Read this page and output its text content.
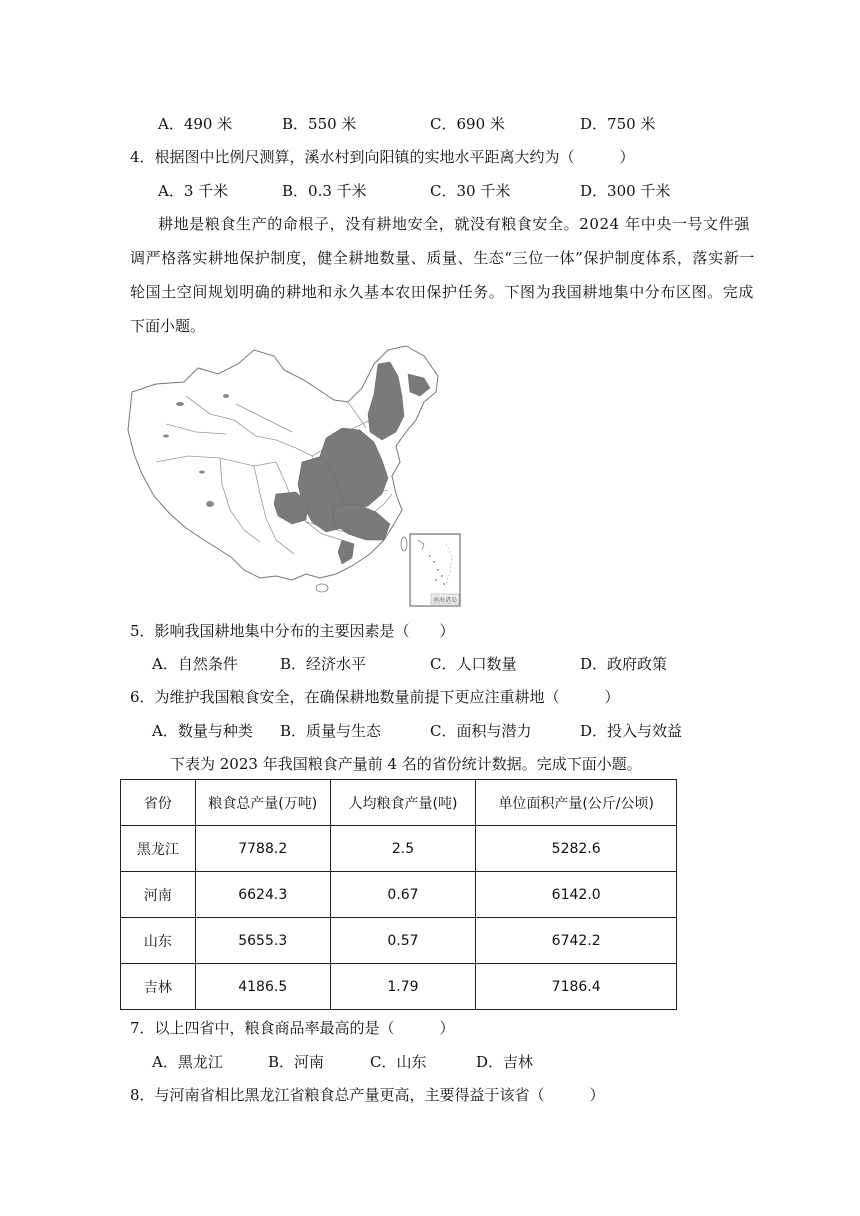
A．490 米	B．550 米	C．690 米	D．750 米
4．根据图中比例尺测算，溪水村到向阳镇的实地水平距离大约为（　　　）
A．3 千米	B．0.3 千米	C．30 千米	D．300 千米
耕地是粮食生产的命根子，没有耕地安全，就没有粮食安全。2024 年中央一号文件强
调严格落实耕地保护制度，健全耕地数量、质量、生态“三位一体”保护制度体系，落实新一
轮国土空间规划明确的耕地和永久基本农田保护任务。下图为我国耕地集中分布区图。完成
下面小题。
南海诸岛
5．影响我国耕地集中分布的主要因素是（　　）
A．自然条件	B．经济水平	C．人口数量	D．政府政策
6．为维护我国粮食安全，在确保耕地数量前提下更应注重耕地（　　　）
A．数量与种类 B．质量与生态	C．面积与潜力	D．投入与效益
下表为 2023 年我国粮食产量前 4 名的省份统计数据。完成下面小题。
省份	粮食总产量(万吨)	人均粮食产量(吨)	单位面积产量(公斤/公顷)
黑龙江	7788.2	2.5	5282.6
河南	6624.3	0.67	6142.0
山东	5655.3	0.57	6742.2
吉林	4186.5	1.79	7186.4
7．以上四省中，粮食商品率最高的是（　　　）
A．黑龙江	B．河南	C．山东	D．吉林
8．与河南省相比黑龙江省粮食总产量更高，主要得益于该省（　　　）
